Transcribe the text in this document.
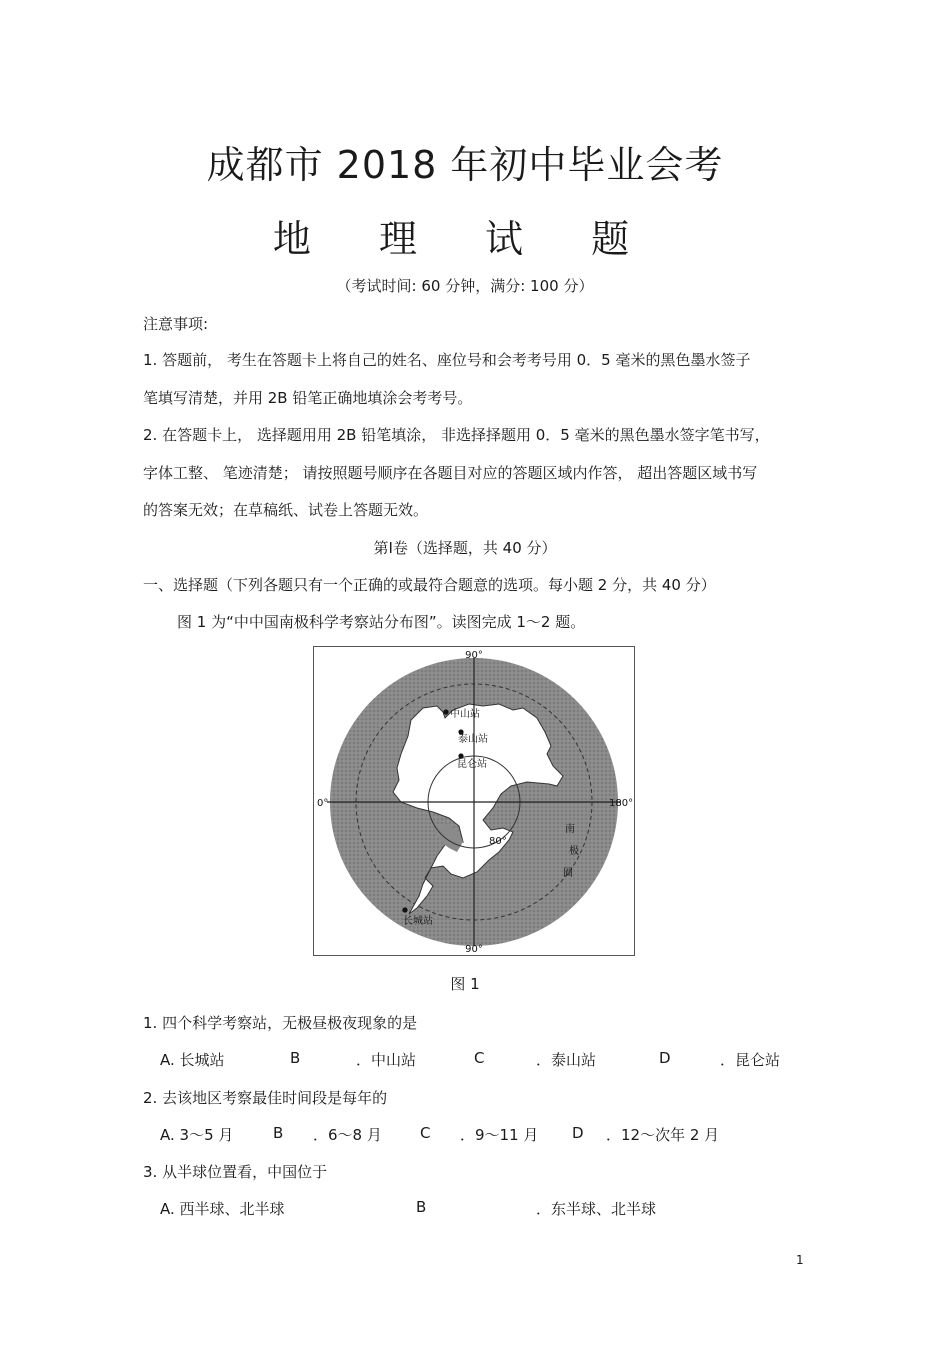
成都市 2018 年初中毕业会考
地 理 试 题
（考试时间: 60 分钟，满分: 100 分）
注意事项:
1. 答题前， 考生在答题卡上将自己的姓名、座位号和会考考号用 0．5 毫米的黑色墨水签子
笔填写清楚，并用 2B 铅笔正确地填涂会考考号。
2. 在答题卡上， 选择题用用 2B 铅笔填涂， 非选择择题用 0．5 毫米的黑色墨水签字笔书写，
字体工整、 笔迹清楚； 请按照题号顺序在各题目对应的答题区域内作答， 超出答题区域书写
的答案无效；在草稿纸、试卷上答题无效。
第Ⅰ卷（选择题，共 40 分）
一、选择题（下列各题只有一个正确的或最符合题意的选项。每小题 2 分，共 40 分）
图 1 为“中中国南极科学考察站分布图”。读图完成 1～2 题。
90°
90°
0°	180°
80°
中山站
泰山站
昆仑站
长城站
南
极
圈
图 1
1. 四个科学考察站，无极昼极夜现象的是
A. 长城站	B	．中山站	C	．泰山站	D	．昆仑站
2. 去该地区考察最佳时间段是每年的
A. 3～5 月	B ．6～8 月	C ．9～11 月 D ．12～次年 2 月
3. 从半球位置看，中国位于
A. 西半球、北半球	B	．东半球、北半球
1
